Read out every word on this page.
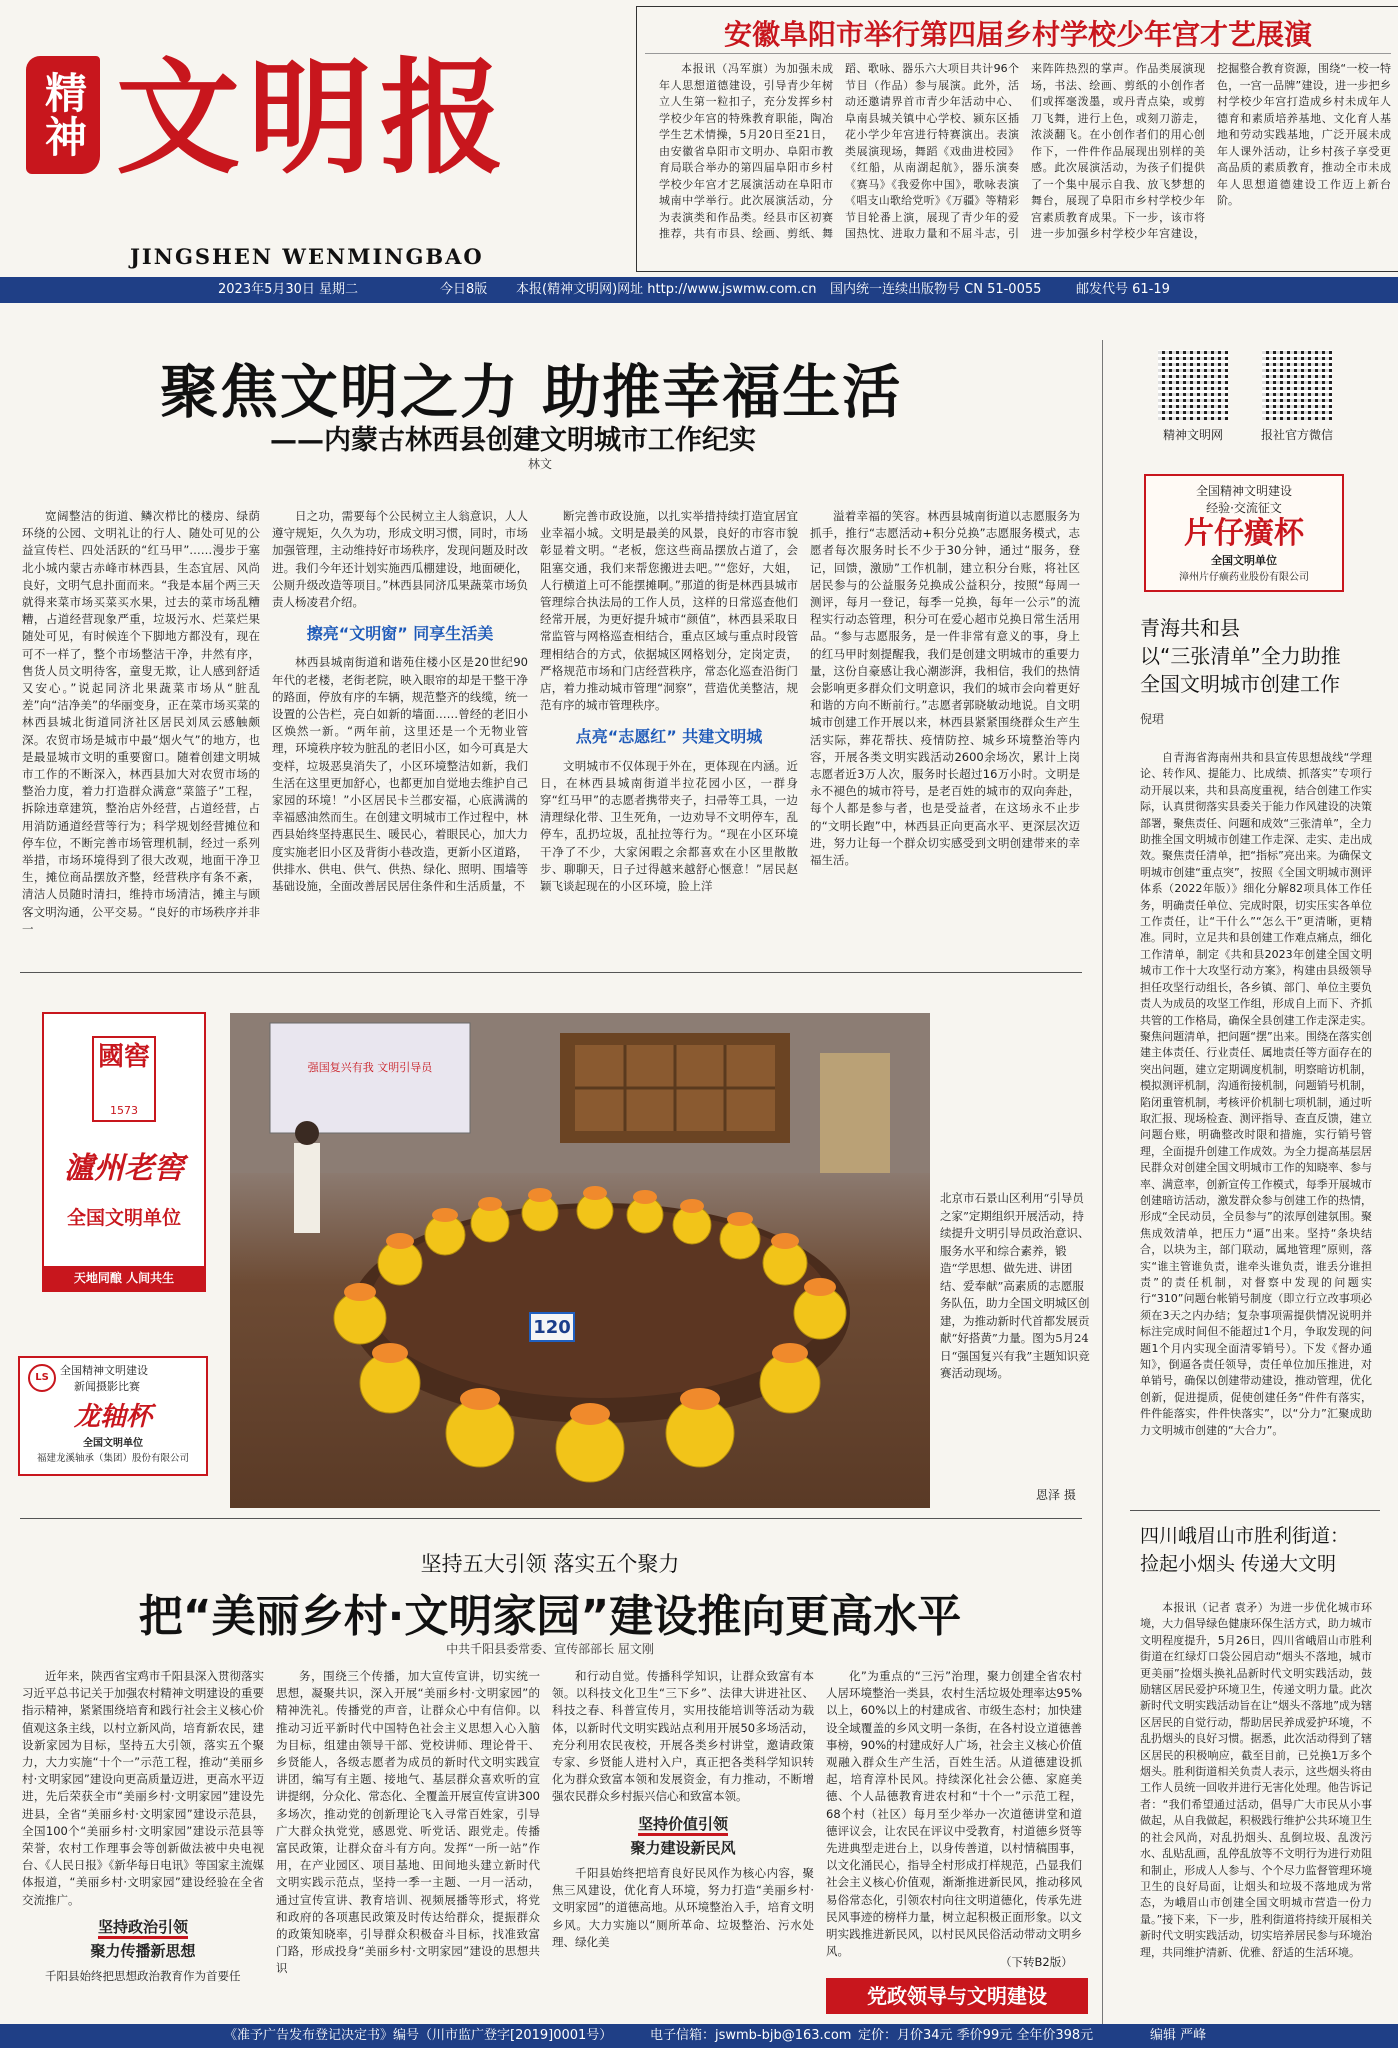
精神 文明报
JINGSHEN WENMINGBAO
安徽阜阳市举行第四届乡村学校少年宫才艺展演

本报讯（冯军旗）为加强未成年人思想道德建设，引导青少年树立人生第一粒扣子，充分发挥乡村学校少年宫的特殊教育职能，陶冶学生艺术情操，5月20日至21日，由安徽省阜阳市文明办、阜阳市教育局联合举办的第四届阜阳市乡村学校少年宫才艺展演活动在阜阳市城南中学举行。此次展演活动，分为表演类和作品类。经县市区初赛推荐，共有市县、绘画、剪纸、舞蹈、歌咏、器乐六大项目共计96个节目（作品）参与展演。此外，活动还邀请界首市青少年活动中心、阜南县城关镇中心学校、颍东区插花小学少年宫进行特赛演出。表演类展演现场，舞蹈《戏曲进校园》《红船，从南湖起航》，器乐演奏《赛马》《我爱你中国》，歌咏表演《唱支山歌给党听》《万疆》等精彩节目轮番上演，展现了青少年的爱国热忱、进取力量和不屈斗志，引来阵阵热烈的掌声。作品类展演现场，书法、绘画、剪纸的小创作者们或挥毫泼墨，或丹青点染，或剪刀飞舞，进行上色，或刻刀游走，浓淡翻飞。在小创作者们的用心创作下，一件件作品展现出别样的美感。此次展演活动，为孩子们提供了一个集中展示自我、放飞梦想的舞台，展现了阜阳市乡村学校少年宫素质教育成果。下一步，该市将进一步加强乡村学校少年宫建设，挖掘整合教育资源，围绕“一校一特色，一宫一品牌”建设，进一步把乡村学校少年宫打造成乡村未成年人德育和素质培养基地、文化育人基地和劳动实践基地，广泛开展未成年人课外活动，让乡村孩子享受更高品质的素质教育，推动全市未成年人思想道德建设工作迈上新台阶。

2023年5月30日 星期二	今日8版 本报(精神文明网)网址 http://www.jswmw.com.cn 国内统一连续出版物号 CN 51-0055	邮发代号 61-19
聚焦文明之力 助推幸福生活
——内蒙古林西县创建文明城市工作纪实
林文

宽阔整洁的街道、鳞次栉比的楼房、绿荫环绕的公园、文明礼让的行人、随处可见的公益宣传栏、四处活跃的“红马甲”……漫步于塞北小城内蒙古赤峰市林西县，生态宜居、风尚良好，文明气息扑面而来。“我是本届个两三天就得来菜市场买菜买水果，过去的菜市场乱糟糟，占道经营现象严重，垃圾污水、烂菜烂果随处可见，有时候连个下脚地方都没有，现在可不一样了，整个市场整洁干净，井然有序，售货人员文明待客，童叟无欺，让人感到舒适又安心。”说起同济北果蔬菜市场从“脏乱差”向“洁净美”的华丽变身，正在菜市场买菜的林西县城北街道同济社区居民刘凤云感触颇深。农贸市场是城市中最“烟火气”的地方，也是最显城市文明的重要窗口。随着创建文明城市工作的不断深入，林西县加大对农贸市场的整治力度，着力打造群众满意“菜篮子”工程，拆除违章建筑，整治店外经营，占道经营，占用消防通道经营等行为；科学规划经营摊位和停车位，不断完善市场管理机制，经过一系列举措，市场环境得到了很大改观，地面干净卫生，摊位商品摆放齐整，经营秩序有条不紊，清洁人员随时清扫，维持市场清洁，摊主与顾客文明沟通，公平交易。“良好的市场秩序并非一

日之功，需要每个公民树立主人翁意识，人人遵守规矩，久久为功，形成文明习惯，同时，市场加强管理，主动维持好市场秩序，发现问题及时改进。我们今年还计划实施西瓜棚建设，地面硬化，公厕升级改造等项目。”林西县同济瓜果蔬菜市场负责人杨凌君介绍。

擦亮“文明窗” 同享生活美

林西县城南街道和谐苑住楼小区是20世纪90年代的老楼，老街老院，映入眼帘的却是干整干净的路面，停放有序的车辆，规范整齐的线缆，统一设置的公告栏，亮白如新的墙面……曾经的老旧小区焕然一新。“两年前，这里还是一个无物业管理，环境秩序较为脏乱的老旧小区，如今可真是大变样，垃圾恶臭消失了，小区环境整洁如新，我们生活在这里更加舒心，也都更加自觉地去维护自己家园的环境！”小区居民卡兰郡安福，心底满满的幸福感油然而生。在创建文明城市工作过程中，林西县始终坚持惠民生、暖民心，着眼民心，加大力度实施老旧小区及背街小巷改造，更新小区道路，供排水、供电、供气、供热、绿化、照明、围墙等基础设施，全面改善居民居住条件和生活质量，不

断完善市政设施，以扎实举措持续打造宜居宜业幸福小城。文明是最美的风景，良好的市容市貌彰显着文明。“老板，您这些商品摆放占道了，会阻塞交通，我们来帮您搬进去吧。”“您好，大姐，人行横道上可不能摆摊啊。”那道的街是林西县城市管理综合执法局的工作人员，这样的日常巡查他们经常开展，为更好提升城市“颜值”，林西县采取日常监管与网格巡查相结合，重点区域与重点时段管理相结合的方式，依据城区网格划分，定岗定责，严格规范市场和门店经营秩序，常态化巡查沿街门店，着力推动城市管理“洞察”，营造优美整洁，规范有序的城市管理秩序。

点亮“志愿红” 共建文明城

文明城市不仅体现于外在，更体现在内涵。近日，在林西县城南街道半拉花园小区，一群身穿“红马甲”的志愿者携带夹子，扫帚等工具，一边清理绿化带、卫生死角，一边劝导不文明停车，乱停车，乱扔垃圾，乱扯拉等行为。“现在小区环境干净了不少，大家闲暇之余都喜欢在小区里散散步、聊聊天，日子过得越来越舒心惬意！”居民赵颖飞谈起现在的小区环境，脸上洋

溢着幸福的笑容。林西县城南街道以志愿服务为抓手，推行“志愿活动+积分兑换”志愿服务模式，志愿者每次服务时长不少于30分钟，通过“服务，登记，回馈，激励”工作机制，建立积分台账，将社区居民参与的公益服务兑换成公益积分，按照“每周一测评，每月一登记，每季一兑换，每年一公示”的流程实行动态管理，积分可在爱心超市兑换日常生活用品。“参与志愿服务，是一件非常有意义的事，身上的红马甲时刻提醒我，我们是创建文明城市的重要力量，这份自豪感让我心潮澎湃，我相信，我们的热情会影响更多群众们文明意识，我们的城市会向着更好和谐的方向不断前行。”志愿者郭晓敏动地说。自文明城市创建工作开展以来，林西县紧紧围绕群众生产生活实际，葬花帮扶、疫情防控、城乡环境整治等内容，开展各类文明实践活动2600余场次，累计上岗志愿者近3万人次，服务时长超过16万小时。文明是永不褪色的城市符号，是老百姓的城市的双向奔赴，每个人都是参与者，也是受益者，在这场永不止步的“文明长跑”中，林西县正向更高水平、更深层次迈进，努力让每一个群众切实感受到文明创建带来的幸福生活。

精神文明网	报社官方微信
全国精神文明建设
经验·交流征文
片仔癀杯
全国文明单位
漳州片仔癀药业股份有限公司
青海共和县
以“三张清单”全力助推
全国文明城市创建工作
倪珺

自青海省海南州共和县宣传思想战线“学理论、转作风、提能力、比成绩、抓落实”专项行动开展以来，共和县高度重视，结合创建工作实际，认真贯彻落实县委关于能力作风建设的决策部署，聚焦责任、问题和成效“三张清单”，全力助推全国文明城市创建工作走深、走实、走出成效。聚焦责任清单，把“指标”亮出来。为确保文明城市创建“重点突”，按照《全国文明城市测评体系（2022年版）》细化分解82项具体工作任务，明确责任单位、完成时限，切实压实各单位工作责任，让“干什么”“怎么干”更清晰，更精准。同时，立足共和县创建工作难点痛点，细化工作清单，制定《共和县2023年创建全国文明城市工作十大攻坚行动方案》，构建由县级领导担任攻坚行动组长，各乡镇、部门、单位主要负责人为成员的攻坚工作组，形成自上而下、齐抓共管的工作格局，确保全县创建工作走深走实。聚焦问题清单，把问题“摆”出来。围绕在落实创建主体责任、行业责任、属地责任等方面存在的突出问题，建立定期调度机制，明察暗访机制，模拟测评机制，沟通衔接机制，问题销号机制，陷闭重管机制，考核评价机制七项机制，通过听取汇报、现场检查、测评指导、查直反馈，建立问题台账，明确整改时限和措施，实行销号管理，全面提升创建工作成效。为全力提高基层居民群众对创建全国文明城市工作的知晓率、参与率、满意率，创新宣传工作模式，每季开展城市创建暗访活动，激发群众参与创建工作的热情，形成“全民动员，全员参与”的浓厚创建氛围。聚焦成效清单，把压力“逼”出来。坚持“条块结合，以块为主，部门联动，属地管理”原则，落实“谁主管谁负责，谁牵头谁负责，谁丢分谁担责”的责任机制，对督察中发现的问题实行“310”问题台帐销号制度（即立行立改事项必须在3天之内办结；复杂事项需提供情况说明并标注完成时间但不能超过1个月，争取发现的问题1个月内实现全面清零销号）。下发《督办通知》，倒逼各责任领导，责任单位加压推进，对单销号，确保以创建带动建设，推动管理，优化创新，促进提质，促使创建任务“件件有落实，件件能落实，件件快落实”，以“分力”汇聚成助力文明城市创建的“大合力”。

四川峨眉山市胜利街道：
捡起小烟头 传递大文明

本报讯（记者 袁矛）为进一步优化城市环境，大力倡导绿色健康环保生活方式，助力城市文明程度提升，5月26日，四川省峨眉山市胜利街道在红绿灯口袋公园启动“烟头不落地，城市更美丽”捡烟头换礼品新时代文明实践活动，鼓励辖区居民爱护环境卫生，传递文明力量。此次新时代文明实践活动旨在让“烟头不落地”成为辖区居民的自觉行动，帮助居民养成爱护环境，不乱扔烟头的良好习惯。据悉，此次活动得到了辖区居民的积极响应，截至目前，已兑换1万多个烟头。胜利街道相关负责人表示，这些烟头将由工作人员统一回收并进行无害化处理。他告诉记者：“我们希望通过活动，倡导广大市民从小事做起，从自我做起，积极践行维护公共环境卫生的社会风尚，对乱扔烟头、乱倒垃圾、乱泼污水、乱贴乱画，乱停乱放等不文明行为进行劝阻和制止，形成人人参与、个个尽力监督管理环境卫生的良好局面，让烟头和垃圾不落地成为常态，为峨眉山市创建全国文明城市营造一份力量。”接下来，下一步，胜利街道将持续开展相关新时代文明实践活动，切实培养居民参与环境治理，共同维护清新、优雅、舒适的生活环境。

國窖
1573
瀘州老窖
全国文明单位
天地同酿 人间共生
LS
全国精神文明建设
新闻摄影比赛
龙轴杯
全国文明单位
福建龙溪轴承（集团）股份有限公司
强国复兴有我 文明引导员
120
北京市石景山区利用“引导员之家”定期组织开展活动，持续提升文明引导员政治意识、服务水平和综合素养，锻造“学思想、做先进、讲团结、爱奉献”高素质的志愿服务队伍，助力全国文明城区创建，为推动新时代首都发展贡献“好搭黄”力量。图为5月24日“强国复兴有我”主题知识竞赛活动现场。
恩泽 摄
坚持五大引领 落实五个聚力
把“美丽乡村·文明家园”建设推向更高水平
中共千阳县委常委、宣传部部长 屈文刚

近年来，陕西省宝鸡市千阳县深入贯彻落实习近平总书记关于加强农村精神文明建设的重要指示精神，紧紧围绕培育和践行社会主义核心价值观这条主线，以村立新风尚，培育新农民，建设新家园为目标，坚持五大引领，落实五个聚力，大力实施“十个一”示范工程，推动“美丽乡村·文明家园”建设向更高质量迈进，更高水平迈进，先后荣获全市“美丽乡村·文明家园”建设先进县，全省“美丽乡村·文明家园”建设示范县，全国100个“美丽乡村·文明家园”建设示范县等荣誉，农村工作理事会等创新做法被中央电视台、《人民日报》《新华每日电讯》等国家主流媒体报道，“美丽乡村·文明家园”建设经验在全省交流推广。

坚持政治引领
聚力传播新思想

千阳县始终把思想政治教育作为首要任

务，围绕三个传播，加大宣传宣讲，切实统一思想，凝聚共识，深入开展“美丽乡村·文明家园”的精神洗礼。传播党的声音，让群众心中有信仰。以推动习近平新时代中国特色社会主义思想入心入脑为目标，组建由领导干部、党校讲师、理论骨干、乡贤能人，各级志愿者为成员的新时代文明实践宣讲团，编写有主题、接地气、基层群众喜欢听的宣讲提纲，分众化、常态化、全覆盖开展宣传宣讲300多场次，推动党的创新理论飞入寻常百姓家，引导广大群众执党党，感恩党、听党话、跟党走。传播富民政策，让群众奋斗有方向。发挥“一所一站”作用，在产业园区、项目基地、田间地头建立新时代文明实践示范点，坚持一季一主题、一月一活动，通过宣传宣讲、教育培训、视频展播等形式，将党和政府的各项惠民政策及时传达给群众，提振群众的政策知晓率，引导群众积极奋斗目标，找准致富门路，形成投身“美丽乡村·文明家园”建设的思想共识

和行动自觉。传播科学知识，让群众致富有本领。以科技文化卫生“三下乡”、法律大讲进社区、科技之春、科普宣传月，实用技能培训等活动为载体，以新时代文明实践站点利用开展50多场活动，充分利用农民夜校，开展各类乡村讲堂，邀请政策专家、乡贤能人进村入户，真正把各类科学知识转化为群众致富本领和发展资金，有力推动，不断增强农民群众乡村振兴信心和致富本领。

坚持价值引领
聚力建设新民风

千阳县始终把培育良好民风作为核心内容，聚焦三风建设，优化育人环境，努力打造“美丽乡村·文明家园”的道德高地。从环境整治入手，培育文明乡风。大力实施以“厕所革命、垃圾整治、污水处理、绿化美

化”为重点的“三污”治理，聚力创建全省农村人居环境整治一类县，农村生活垃圾处理率达95%以上，60%以上的村建成省、市级生态村；加快建设全域覆盖的乡风文明一条街，在各村设立道德善事榜，90%的村建成好人广场，社会主义核心价值观融入群众生产生活，百姓生活。从道德建设抓起，培育淳朴民风。持续深化社会公德、家庭美德、个人品德教育进农村和“十个一”示范工程，68个村（社区）每月至少举办一次道德讲堂和道德评议会，让农民在评议中受教育，村道德乡贤等先进典型走进台上，以身传善道，以村情稿围事，以文化涌民心，指导全村形成打样规范，凸显我们社会主义核心价值观，渐渐推进新民风，推动移风易俗常态化，引领农村向往文明道德化，传承先进民风事迹的榜样力量，树立起积极正面形象。以文明实践推进新民风，以村民风民俗活动带动文明乡风。

（下转B2版）
党政领导与文明建设
《准予广告发布登记决定书》编号（川市监广登字[2019]0001号）	电子信箱：jswmb-bjb@163.com 定价：月价34元 季价99元 全年价398元	编辑 严峰
